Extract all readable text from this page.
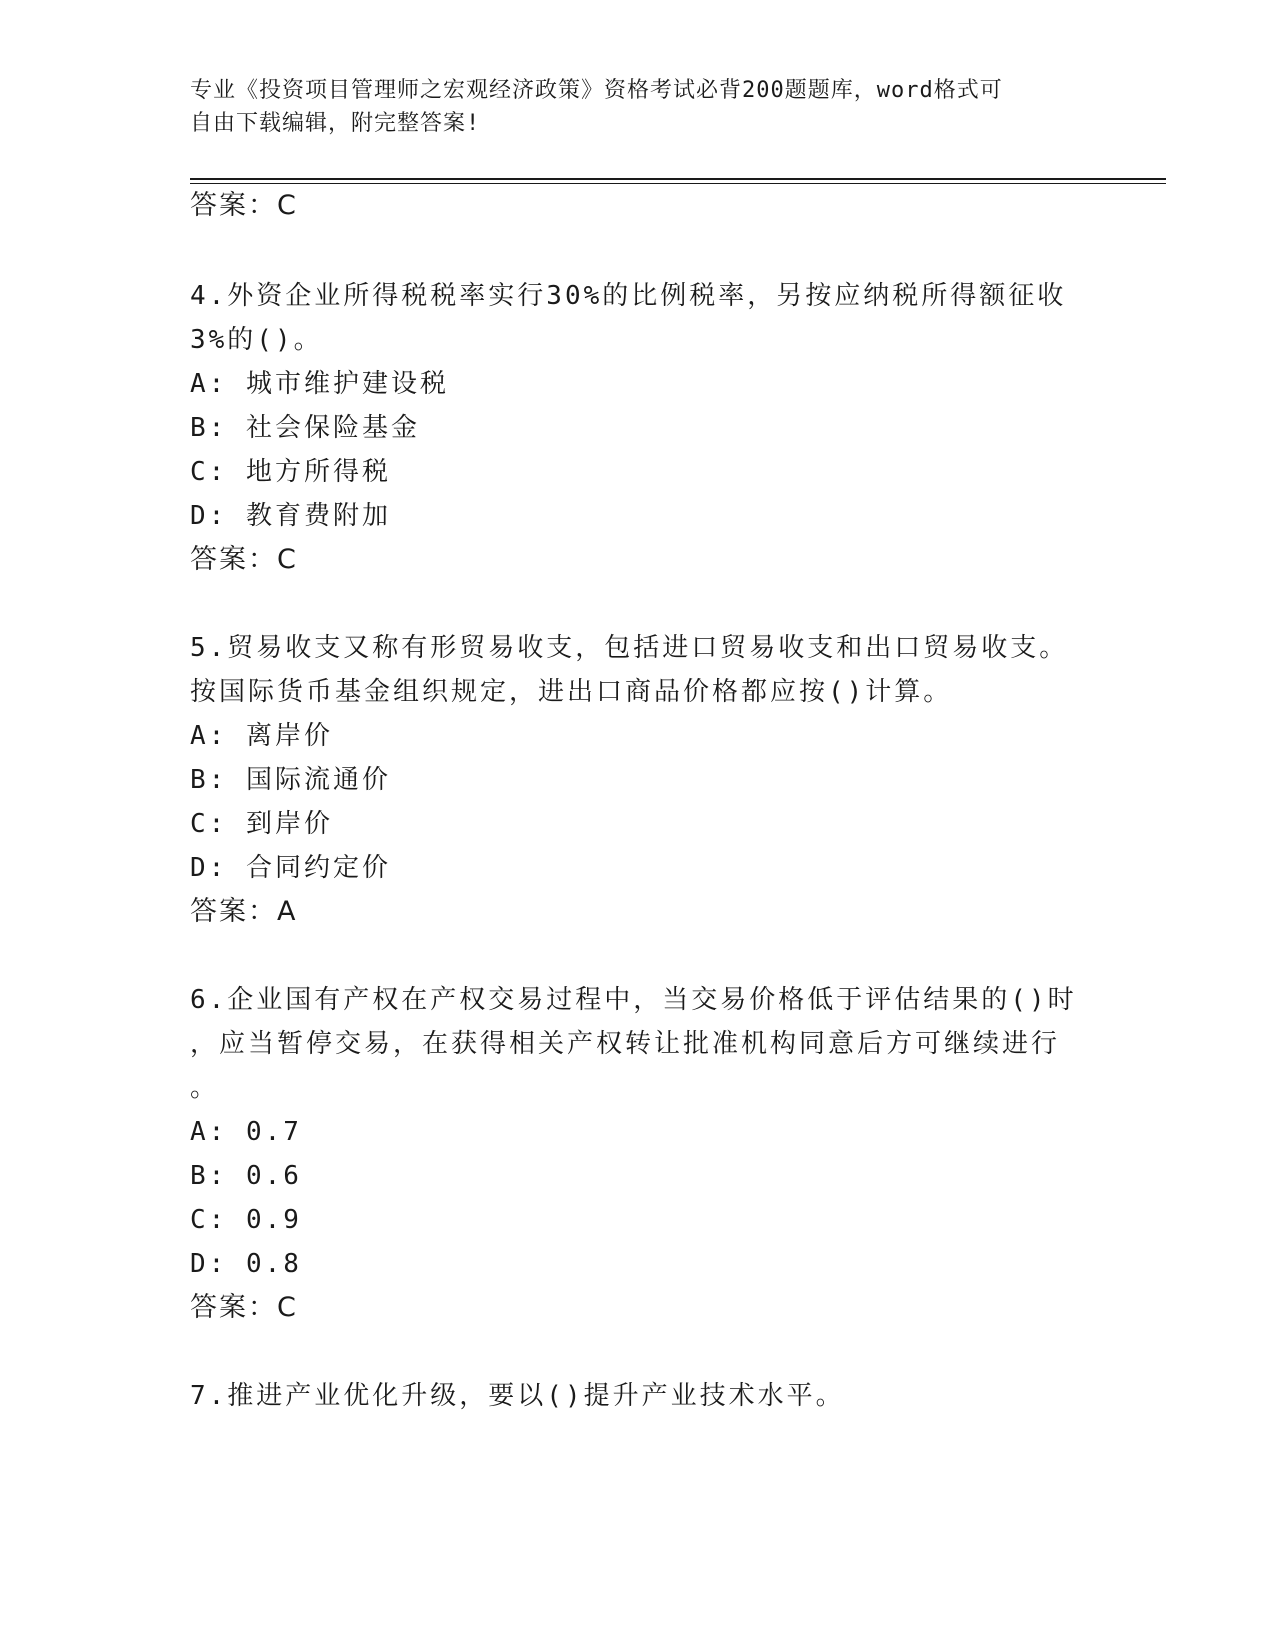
专业《投资项目管理师之宏观经济政策》资格考试必背200题题库，word格式可
自由下载编辑，附完整答案!
答案：C
4.外资企业所得税税率实行30%的比例税率，另按应纳税所得额征收
3%的()。
A: 城市维护建设税
B: 社会保险基金
C: 地方所得税
D: 教育费附加
答案：C
5.贸易收支又称有形贸易收支，包括进口贸易收支和出口贸易收支。
按国际货币基金组织规定，进出口商品价格都应按()计算。
A: 离岸价
B: 国际流通价
C: 到岸价
D: 合同约定价
答案：A
6.企业国有产权在产权交易过程中，当交易价格低于评估结果的()时
，应当暂停交易，在获得相关产权转让批准机构同意后方可继续进行
。
A: 0.7
B: 0.6
C: 0.9
D: 0.8
答案：C
7.推进产业优化升级，要以()提升产业技术水平。
